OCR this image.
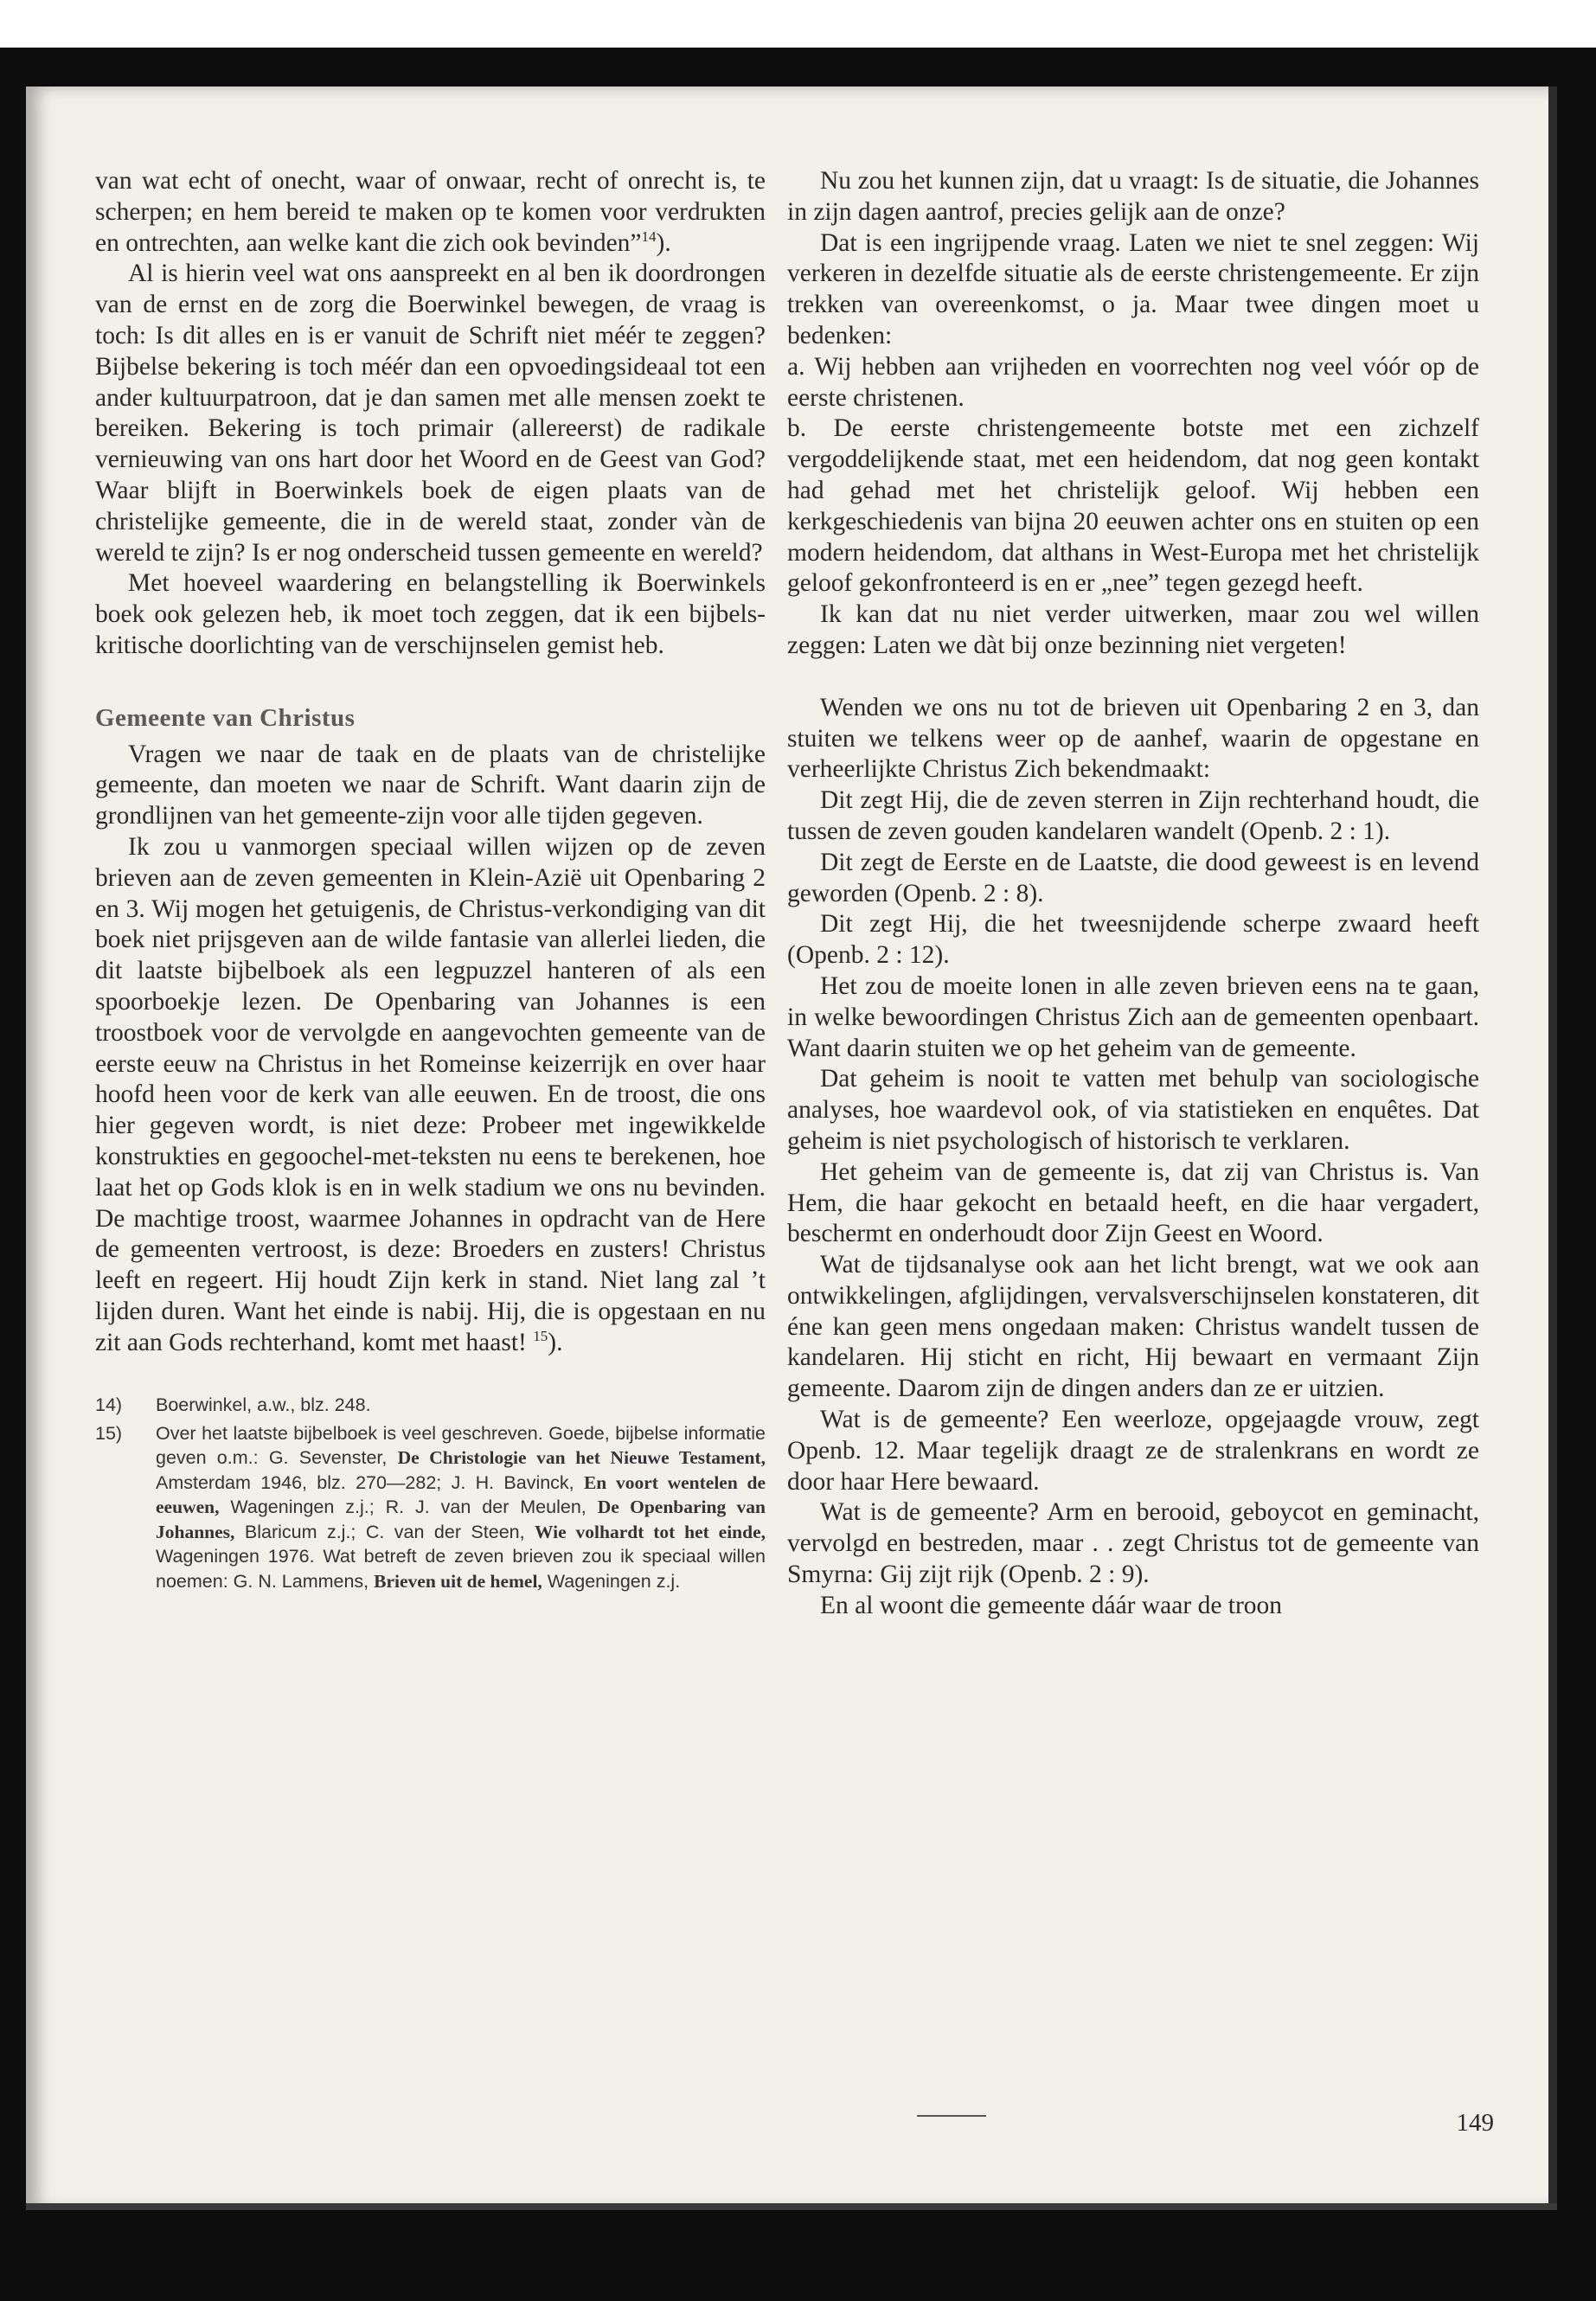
van wat echt of onecht, waar of onwaar, recht of onrecht is, te scherpen; en hem bereid te maken op te komen voor verdrukten en ontrechten, aan welke kant die zich ook bevinden”$^{14}$).

Al is hierin veel wat ons aanspreekt en al ben ik doordrongen van de ernst en de zorg die Boerwinkel bewegen, de vraag is toch: Is dit alles en is er vanuit de Schrift niet méér te zeggen? Bijbelse bekering is toch méér dan een opvoedingsideaal tot een ander kultuurpatroon, dat je dan samen met alle mensen zoekt te bereiken. Bekering is toch primair (allereerst) de radikale vernieuwing van ons hart door het Woord en de Geest van God? Waar blijft in Boerwinkels boek de eigen plaats van de christelijke gemeente, die in de wereld staat, zonder vàn de wereld te zijn? Is er nog onderscheid tussen gemeente en wereld?

Met hoeveel waardering en belangstelling ik Boerwinkels boek ook gelezen heb, ik moet toch zeggen, dat ik een bijbels-kritische doorlichting van de verschijnselen gemist heb.

Gemeente van Christus

Vragen we naar de taak en de plaats van de christelijke gemeente, dan moeten we naar de Schrift. Want daarin zijn de grondlijnen van het gemeente-zijn voor alle tijden gegeven.

Ik zou u vanmorgen speciaal willen wijzen op de zeven brieven aan de zeven gemeenten in Klein-Azië uit Openbaring 2 en 3. Wij mogen het getuigenis, de Christus-verkondiging van dit boek niet prijsgeven aan de wilde fantasie van allerlei lieden, die dit laatste bijbelboek als een legpuzzel hanteren of als een spoorboekje lezen. De Openbaring van Johannes is een troostboek voor de vervolgde en aangevochten gemeente van de eerste eeuw na Christus in het Romeinse keizerrijk en over haar hoofd heen voor de kerk van alle eeuwen. En de troost, die ons hier gegeven wordt, is niet deze: Probeer met ingewikkelde konstrukties en gegoochel-met-teksten nu eens te berekenen, hoe laat het op Gods klok is en in welk stadium we ons nu bevinden. De machtige troost, waarmee Johannes in opdracht van de Here de gemeenten vertroost, is deze: Broeders en zusters! Christus leeft en regeert. Hij houdt Zijn kerk in stand. Niet lang zal ’t lijden duren. Want het einde is nabij. Hij, die is opgestaan en nu zit aan Gods rechterhand, komt met haast! $^{15}$).

14)	Boerwinkel, a.w., blz. 248.
15)	Over het laatste bijbelboek is veel geschreven. Goede, bijbelse informatie geven o.m.: G. Sevenster, De Christologie van het Nieuwe Testament, Amsterdam 1946, blz. 270—282; J. H. Bavinck, En voort wentelen de eeuwen, Wageningen z.j.; R. J. van der Meulen, De Openbaring van Johannes, Blaricum z.j.; C. van der Steen, Wie volhardt tot het einde, Wageningen 1976. Wat betreft de zeven brieven zou ik speciaal willen noemen: G. N. Lammens, Brieven uit de hemel, Wageningen z.j.

Nu zou het kunnen zijn, dat u vraagt: Is de situatie, die Johannes in zijn dagen aantrof, precies gelijk aan de onze?

Dat is een ingrijpende vraag. Laten we niet te snel zeggen: Wij verkeren in dezelfde situatie als de eerste christengemeente. Er zijn trekken van overeenkomst, o ja. Maar twee dingen moet u bedenken:

a. Wij hebben aan vrijheden en voorrechten nog veel vóór op de eerste christenen.

b. De eerste christengemeente botste met een zichzelf vergoddelijkende staat, met een heidendom, dat nog geen kontakt had gehad met het christelijk geloof. Wij hebben een kerkgeschiedenis van bijna 20 eeuwen achter ons en stuiten op een modern heidendom, dat althans in West-Europa met het christelijk geloof gekonfronteerd is en er „nee” tegen gezegd heeft.

Ik kan dat nu niet verder uitwerken, maar zou wel willen zeggen: Laten we dàt bij onze bezinning niet vergeten!

Wenden we ons nu tot de brieven uit Openbaring 2 en 3, dan stuiten we telkens weer op de aanhef, waarin de opgestane en verheerlijkte Christus Zich bekendmaakt:

Dit zegt Hij, die de zeven sterren in Zijn rechterhand houdt, die tussen de zeven gouden kandelaren wandelt (Openb. 2 : 1).

Dit zegt de Eerste en de Laatste, die dood geweest is en levend geworden (Openb. 2 : 8).

Dit zegt Hij, die het tweesnijdende scherpe zwaard heeft (Openb. 2 : 12).

Het zou de moeite lonen in alle zeven brieven eens na te gaan, in welke bewoordingen Christus Zich aan de gemeenten openbaart. Want daarin stuiten we op het geheim van de gemeente.

Dat geheim is nooit te vatten met behulp van sociologische analyses, hoe waardevol ook, of via statistieken en enquêtes. Dat geheim is niet psychologisch of historisch te verklaren.

Het geheim van de gemeente is, dat zij van Christus is. Van Hem, die haar gekocht en betaald heeft, en die haar vergadert, beschermt en onderhoudt door Zijn Geest en Woord.

Wat de tijdsanalyse ook aan het licht brengt, wat we ook aan ontwikkelingen, afglijdingen, vervalsverschijnselen konstateren, dit éne kan geen mens ongedaan maken: Christus wandelt tussen de kandelaren. Hij sticht en richt, Hij bewaart en vermaant Zijn gemeente. Daarom zijn de dingen anders dan ze er uitzien.

Wat is de gemeente? Een weerloze, opgejaagde vrouw, zegt Openb. 12. Maar tegelijk draagt ze de stralenkrans en wordt ze door haar Here bewaard.

Wat is de gemeente? Arm en berooid, geboycot en geminacht, vervolgd en bestreden, maar . . zegt Christus tot de gemeente van Smyrna: Gij zijt rijk (Openb. 2 : 9).

En al woont die gemeente dáár waar de troon

149
